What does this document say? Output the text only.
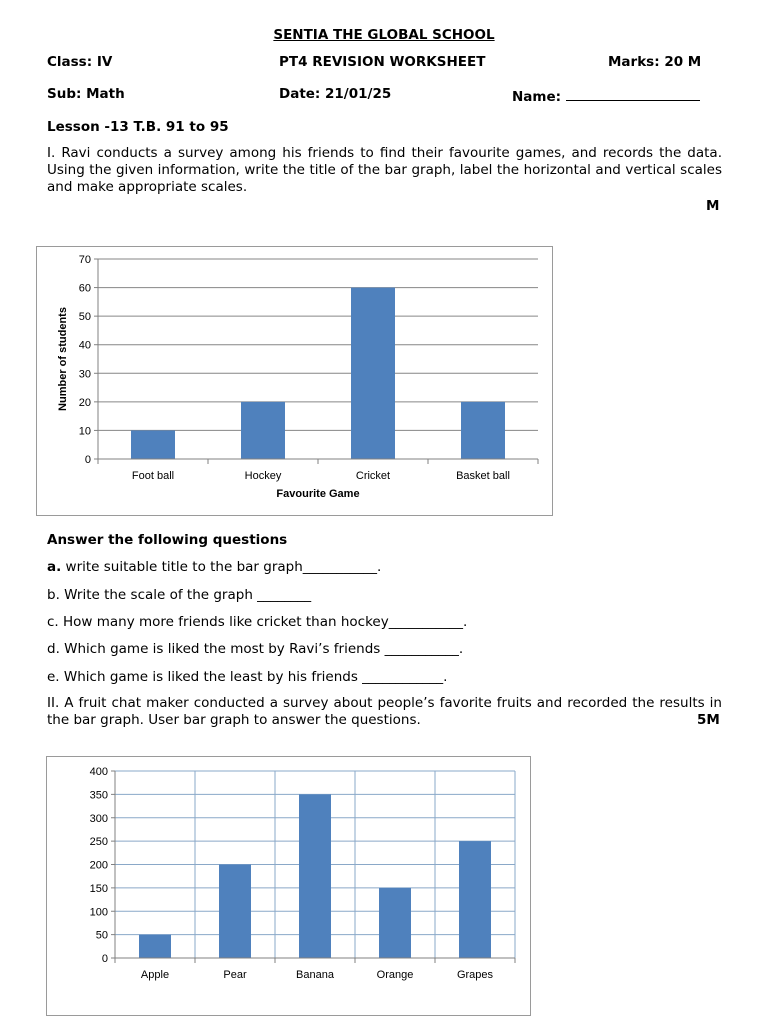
SENTIA THE GLOBAL SCHOOL
Class: IV	PT4 REVISION WORKSHEET	Marks: 20 M
Sub: Math	Date: 21/01/25	Name:
Lesson -13 T.B. 91 to 95
I. Ravi conducts a survey among his friends to find their favourite games, and records the data. Using the given information, write the title of the bar graph, label the horizontal and vertical scales and make appropriate scales.
M
0
10
20
30
40
50
60
70
Foot ball	Hockey	Cricket	Basket ball
Favourite Game
Number of students
Answer the following questions
a. write suitable title to the bar graph___________.
b. Write the scale of the graph ________
c. How many more friends like cricket than hockey___________.
d. Which game is liked the most by Ravi’s friends ___________.
e. Which game is liked the least by his friends ____________.
II. A fruit chat maker conducted a survey about people’s favorite fruits and recorded the results in the bar graph. User bar graph to answer the questions.	5M
0
50
100
150
200
250
300
350
400
Apple	Pear	Banana	Orange	Grapes
